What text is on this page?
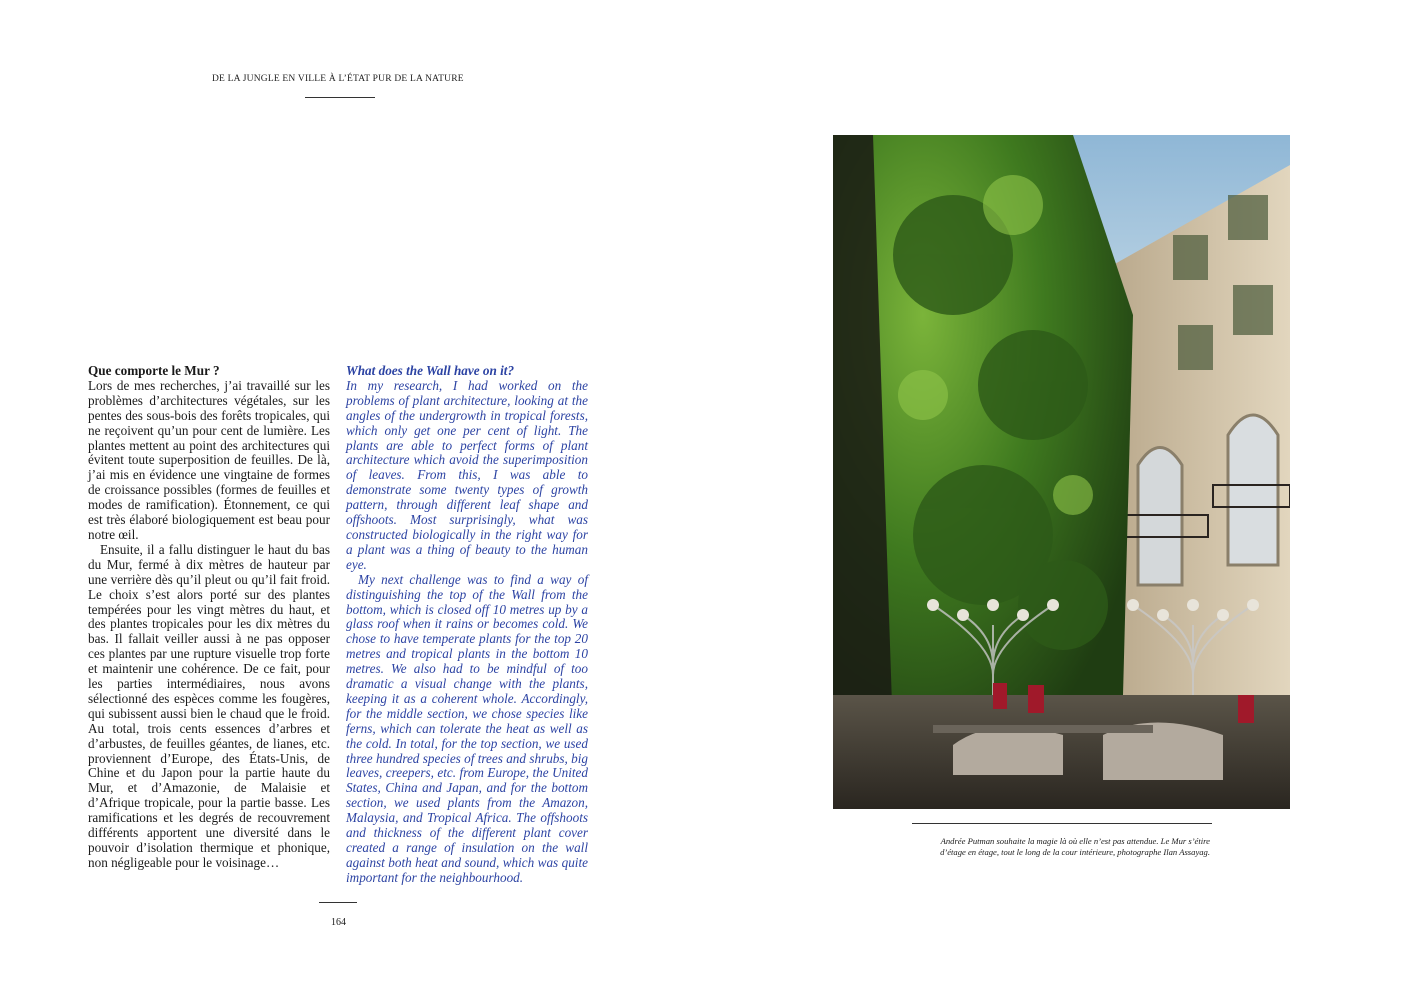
DE LA JUNGLE EN VILLE À L’ÉTAT PUR DE LA NATURE

Que comporte le Mur ?

Lors de mes recherches, j’ai travaillé sur les problèmes d’architectures végétales, sur les pentes des sous-bois des forêts tropicales, qui ne reçoivent qu’un pour cent de lumière. Les plantes mettent au point des architectures qui évitent toute superposition de feuilles. De là, j’ai mis en évidence une vingtaine de formes de croissance possibles (formes de feuilles et modes de ramification). Étonnement, ce qui est très élaboré biologiquement est beau pour notre œil.

Ensuite, il a fallu distinguer le haut du bas du Mur, fermé à dix mètres de hauteur par une verrière dès qu’il pleut ou qu’il fait froid. Le choix s’est alors porté sur des plantes tempérées pour les vingt mètres du haut, et des plantes tropicales pour les dix mètres du bas. Il fallait veiller aussi à ne pas opposer ces plantes par une rupture visuelle trop forte et maintenir une cohérence. De ce fait, pour les parties intermédiaires, nous avons sélectionné des espèces comme les fougères, qui subissent aussi bien le chaud que le froid. Au total, trois cents essences d’arbres et d’arbustes, de feuilles géantes, de lianes, etc. proviennent d’Europe, des États-Unis, de Chine et du Japon pour la partie haute du Mur, et d’Amazonie, de Malaisie et d’Afrique tropicale, pour la partie basse. Les ramifications et les degrés de recouvrement différents apportent une diversité dans le pouvoir d’isolation thermique et phonique, non négligeable pour le voisinage…

What does the Wall have on it?

In my research, I had worked on the problems of plant architecture, looking at the angles of the undergrowth in tropical forests, which only get one per cent of light. The plants are able to perfect forms of plant architecture which avoid the superimposition of leaves. From this, I was able to demonstrate some twenty types of growth pattern, through different leaf shape and offshoots. Most surprisingly, what was constructed biologically in the right way for a plant was a thing of beauty to the human eye.

My next challenge was to find a way of distinguishing the top of the Wall from the bottom, which is closed off 10 metres up by a glass roof when it rains or becomes cold. We chose to have temperate plants for the top 20 metres and tropical plants in the bottom 10 metres. We also had to be mindful of too dramatic a visual change with the plants, keeping it as a coherent whole. Accordingly, for the middle section, we chose species like ferns, which can tolerate the heat as well as the cold. In total, for the top section, we used three hundred species of trees and shrubs, big leaves, creepers, etc. from Europe, the United States, China and Japan, and for the bottom section, we used plants from the Amazon, Malaysia, and Tropical Africa. The offshoots and thickness of the different plant cover created a range of insulation on the wall against both heat and sound, which was quite important for the neighbourhood.

164
Andrée Putman souhaite la magie là où elle n’est pas attendue. Le Mur s’étire
d’étage en étage, tout le long de la cour intérieure, photographe Ilan Assayag.
